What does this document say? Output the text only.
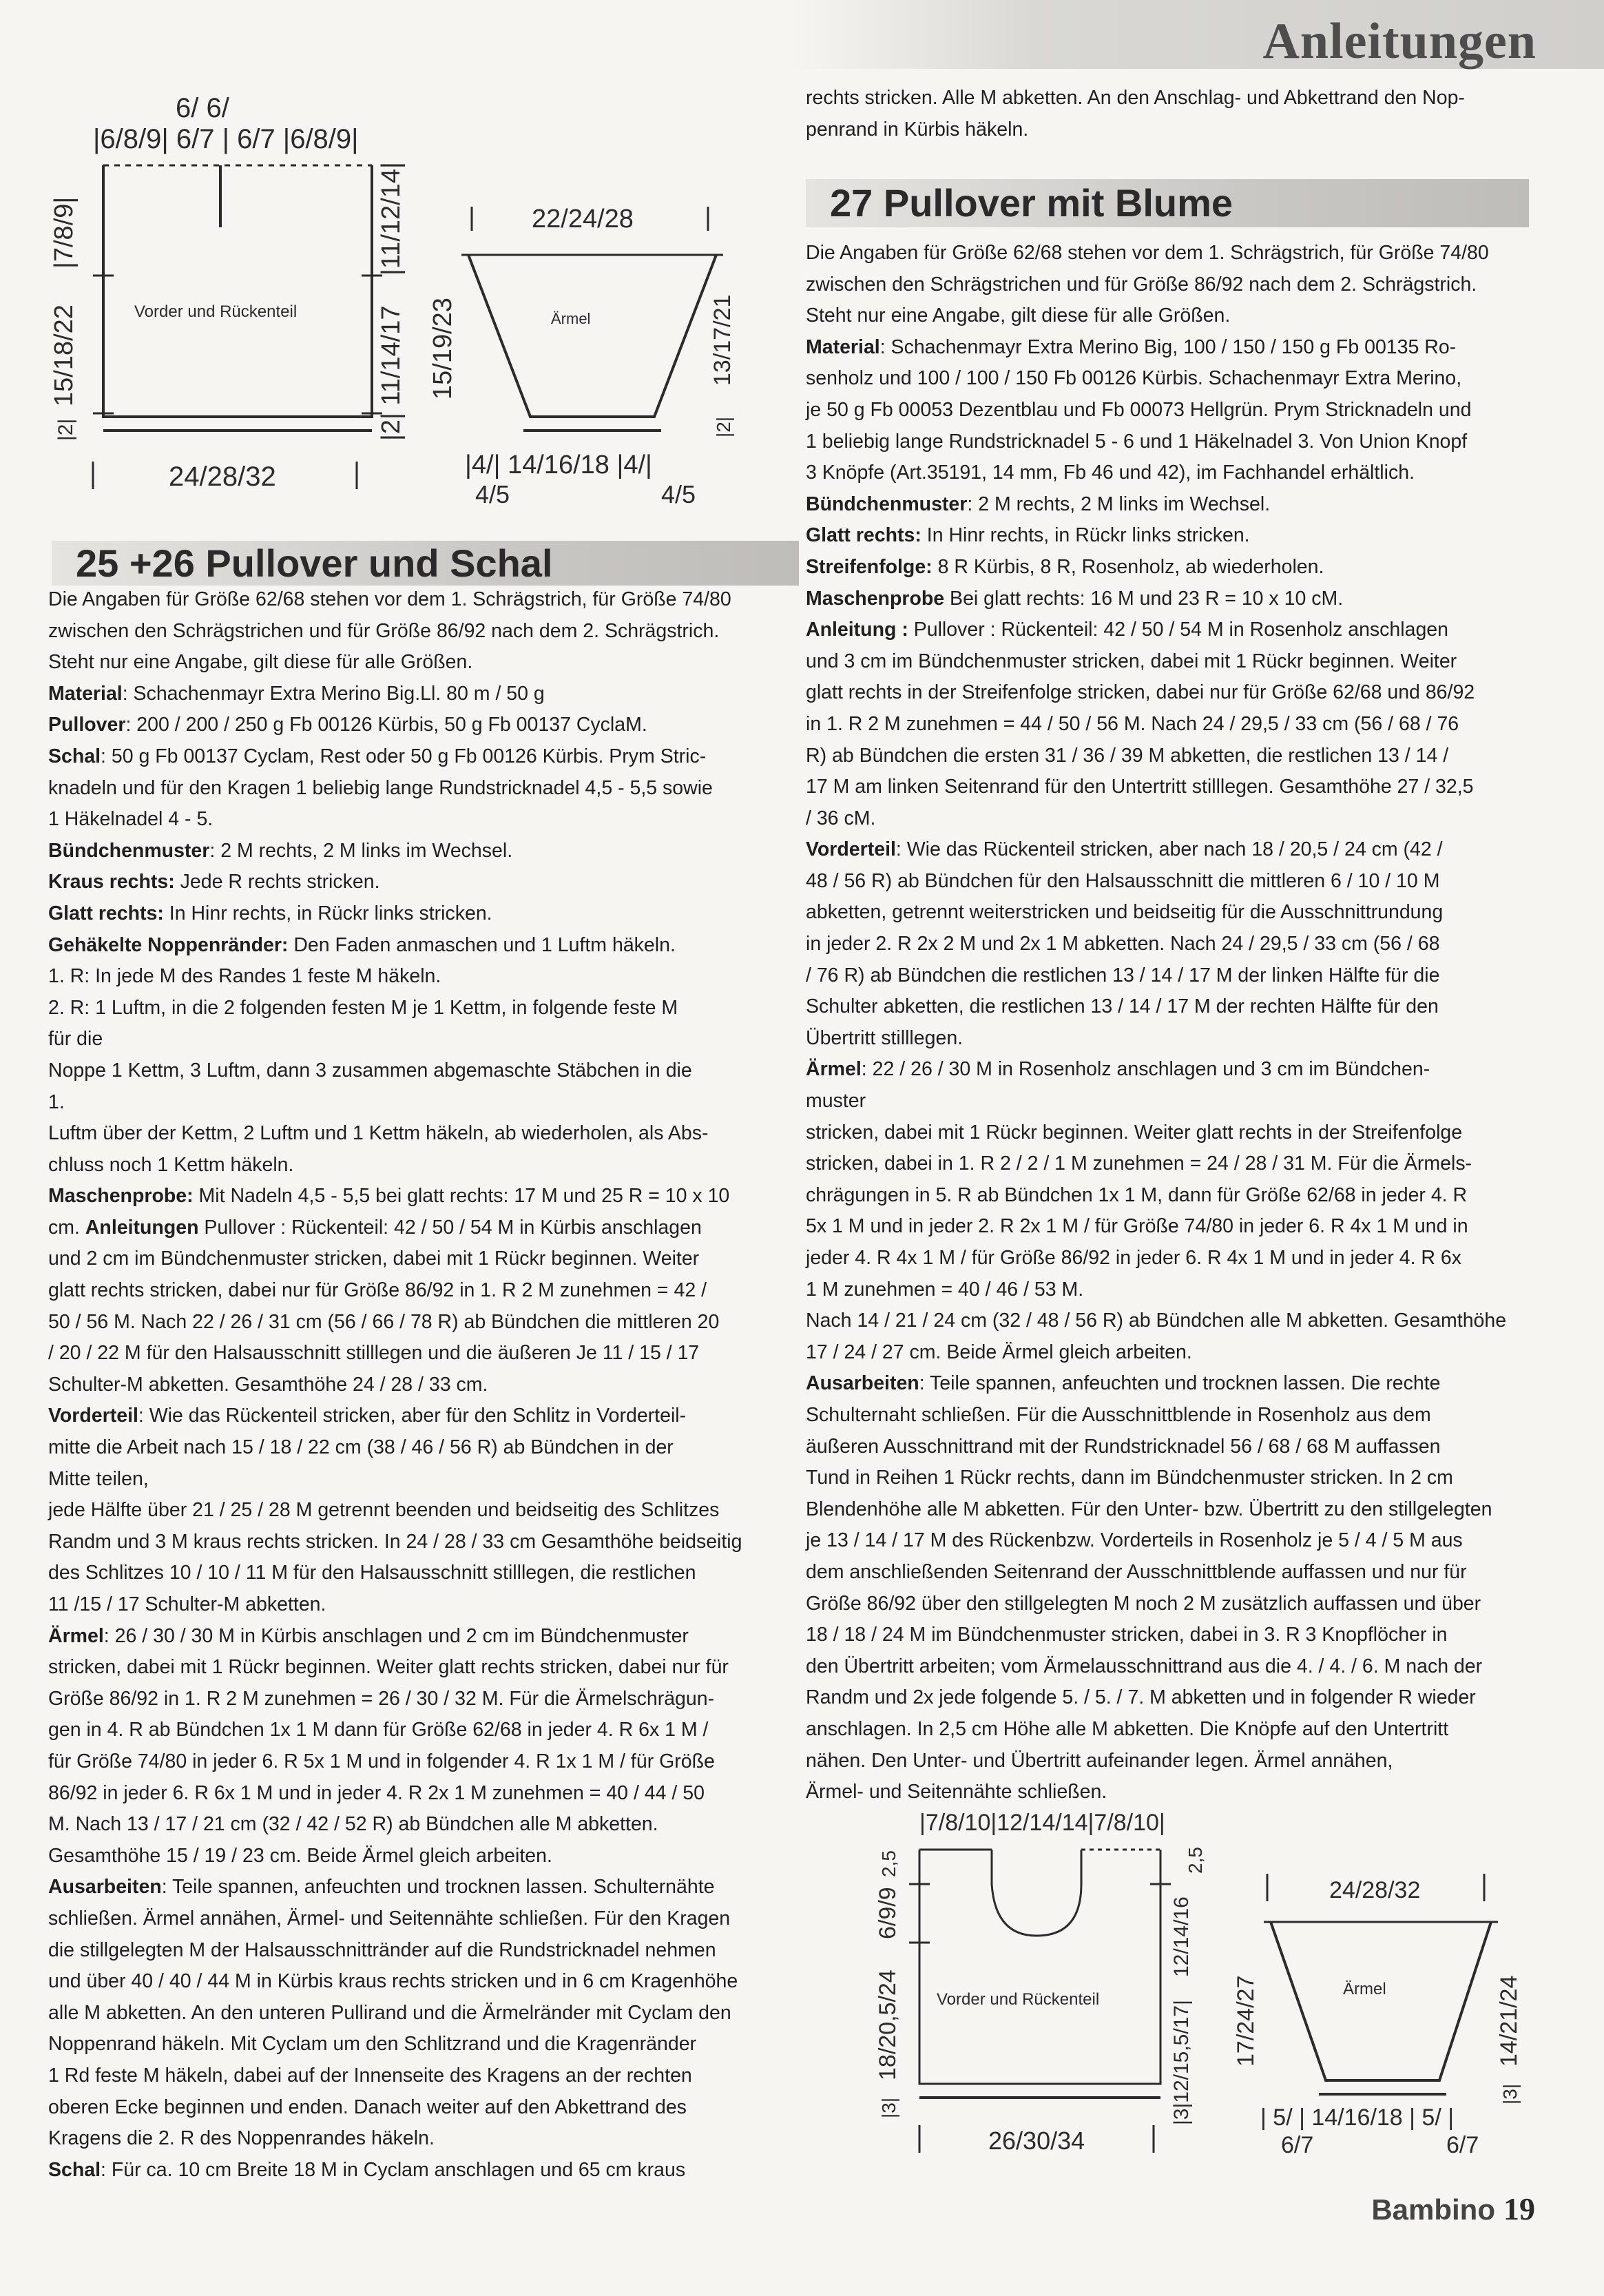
Anleitungen
6/ 6/
|6/8/9| 6/7 | 6/7 |6/8/9|
|7/8/9|
15/18/22
|2|
|11/12/14|
|2| 11/14/17
Vorder und Rückenteil
24/28/32
22/24/28
15/19/23	13/17/21
|2|
Ärmel
|4/| 14/16/18 |4/|
4/5	4/5
25 +26 Pullover und Schal

Die Angaben für Größe 62/68 stehen vor dem 1. Schrägstrich, für Größe 74/80

zwischen den Schrägstrichen und für Größe 86/92 nach dem 2. Schrägstrich.

Steht nur eine Angabe, gilt diese für alle Größen.

Material: Schachenmayr Extra Merino Big.Ll. 80 m / 50 g

Pullover: 200 / 200 / 250 g Fb 00126 Kürbis, 50 g Fb 00137 CyclaM.

Schal: 50 g Fb 00137 Cyclam, Rest oder 50 g Fb 00126 Kürbis. Prym Stric-

knadeln und für den Kragen 1 beliebig lange Rundstricknadel 4,5 - 5,5 sowie

1 Häkelnadel 4 - 5.

Bündchenmuster: 2 M rechts, 2 M links im Wechsel.

Kraus rechts: Jede R rechts stricken.

Glatt rechts: In Hinr rechts, in Rückr links stricken.

Gehäkelte Noppenränder: Den Faden anmaschen und 1 Luftm häkeln.

1. R: In jede M des Randes 1 feste M häkeln.

2. R: 1 Luftm, in die 2 folgenden festen M je 1 Kettm, in folgende feste M

für die

Noppe 1 Kettm, 3 Luftm, dann 3 zusammen abgemaschte Stäbchen in die

1.

Luftm über der Kettm, 2 Luftm und 1 Kettm häkeln, ab wiederholen, als Abs-

chluss noch 1 Kettm häkeln.

Maschenprobe: Mit Nadeln 4,5 - 5,5 bei glatt rechts: 17 M und 25 R = 10 x 10

cm. Anleitungen Pullover : Rückenteil: 42 / 50 / 54 M in Kürbis anschlagen

und 2 cm im Bündchenmuster stricken, dabei mit 1 Rückr beginnen. Weiter

glatt rechts stricken, dabei nur für Größe 86/92 in 1. R 2 M zunehmen = 42 /

50 / 56 M. Nach 22 / 26 / 31 cm (56 / 66 / 78 R) ab Bündchen die mittleren 20

/ 20 / 22 M für den Halsausschnitt stilllegen und die äußeren Je 11 / 15 / 17

Schulter-M abketten. Gesamthöhe 24 / 28 / 33 cm.

Vorderteil: Wie das Rückenteil stricken, aber für den Schlitz in Vorderteil-

mitte die Arbeit nach 15 / 18 / 22 cm (38 / 46 / 56 R) ab Bündchen in der

Mitte teilen,

jede Hälfte über 21 / 25 / 28 M getrennt beenden und beidseitig des Schlitzes

Randm und 3 M kraus rechts stricken. In 24 / 28 / 33 cm Gesamthöhe beidseitig

des Schlitzes 10 / 10 / 11 M für den Halsausschnitt stilllegen, die restlichen

11 /15 / 17 Schulter-M abketten.

Ärmel: 26 / 30 / 30 M in Kürbis anschlagen und 2 cm im Bündchenmuster

stricken, dabei mit 1 Rückr beginnen. Weiter glatt rechts stricken, dabei nur für

Größe 86/92 in 1. R 2 M zunehmen = 26 / 30 / 32 M. Für die Ärmelschrägun-

gen in 4. R ab Bündchen 1x 1 M dann für Größe 62/68 in jeder 4. R 6x 1 M /

für Größe 74/80 in jeder 6. R 5x 1 M und in folgender 4. R 1x 1 M / für Größe

86/92 in jeder 6. R 6x 1 M und in jeder 4. R 2x 1 M zunehmen = 40 / 44 / 50

M. Nach 13 / 17 / 21 cm (32 / 42 / 52 R) ab Bündchen alle M abketten.

Gesamthöhe 15 / 19 / 23 cm. Beide Ärmel gleich arbeiten.

Ausarbeiten: Teile spannen, anfeuchten und trocknen lassen. Schulternähte

schließen. Ärmel annähen, Ärmel- und Seitennähte schließen. Für den Kragen

die stillgelegten M der Halsausschnittränder auf die Rundstricknadel nehmen

und über 40 / 40 / 44 M in Kürbis kraus rechts stricken und in 6 cm Kragenhöhe

alle M abketten. An den unteren Pullirand und die Ärmelränder mit Cyclam den

Noppenrand häkeln. Mit Cyclam um den Schlitzrand und die Kragenränder

1 Rd feste M häkeln, dabei auf der Innenseite des Kragens an der rechten

oberen Ecke beginnen und enden. Danach weiter auf den Abkettrand des

Kragens die 2. R des Noppenrandes häkeln.

Schal: Für ca. 10 cm Breite 18 M in Cyclam anschlagen und 65 cm kraus

rechts stricken. Alle M abketten. An den Anschlag- und Abkettrand den Nop-

penrand in Kürbis häkeln.

27 Pullover mit Blume

Die Angaben für Größe 62/68 stehen vor dem 1. Schrägstrich, für Größe 74/80

zwischen den Schrägstrichen und für Größe 86/92 nach dem 2. Schrägstrich.

Steht nur eine Angabe, gilt diese für alle Größen.

Material: Schachenmayr Extra Merino Big, 100 / 150 / 150 g Fb 00135 Ro-

senholz und 100 / 100 / 150 Fb 00126 Kürbis. Schachenmayr Extra Merino,

je 50 g Fb 00053 Dezentblau und Fb 00073 Hellgrün. Prym Stricknadeln und

1 beliebig lange Rundstricknadel 5 - 6 und 1 Häkelnadel 3. Von Union Knopf

3 Knöpfe (Art.35191, 14 mm, Fb 46 und 42), im Fachhandel erhältlich.

Bündchenmuster: 2 M rechts, 2 M links im Wechsel.

Glatt rechts: In Hinr rechts, in Rückr links stricken.

Streifenfolge: 8 R Kürbis, 8 R, Rosenholz, ab wiederholen.

Maschenprobe Bei glatt rechts: 16 M und 23 R = 10 x 10 cM.

Anleitung : Pullover : Rückenteil: 42 / 50 / 54 M in Rosenholz anschlagen

und 3 cm im Bündchenmuster stricken, dabei mit 1 Rückr beginnen. Weiter

glatt rechts in der Streifenfolge stricken, dabei nur für Größe 62/68 und 86/92

in 1. R 2 M zunehmen = 44 / 50 / 56 M. Nach 24 / 29,5 / 33 cm (56 / 68 / 76

R) ab Bündchen die ersten 31 / 36 / 39 M abketten, die restlichen 13 / 14 /

17 M am linken Seitenrand für den Untertritt stilllegen. Gesamthöhe 27 / 32,5

/ 36 cM.

Vorderteil: Wie das Rückenteil stricken, aber nach 18 / 20,5 / 24 cm (42 /

48 / 56 R) ab Bündchen für den Halsausschnitt die mittleren 6 / 10 / 10 M

abketten, getrennt weiterstricken und beidseitig für die Ausschnittrundung

in jeder 2. R 2x 2 M und 2x 1 M abketten. Nach 24 / 29,5 / 33 cm (56 / 68

/ 76 R) ab Bündchen die restlichen 13 / 14 / 17 M der linken Hälfte für die

Schulter abketten, die restlichen 13 / 14 / 17 M der rechten Hälfte für den

Übertritt stilllegen.

Ärmel: 22 / 26 / 30 M in Rosenholz anschlagen und 3 cm im Bündchen-

muster

stricken, dabei mit 1 Rückr beginnen. Weiter glatt rechts in der Streifenfolge

stricken, dabei in 1. R 2 / 2 / 1 M zunehmen = 24 / 28 / 31 M. Für die Ärmels-

chrägungen in 5. R ab Bündchen 1x 1 M, dann für Größe 62/68 in jeder 4. R

5x 1 M und in jeder 2. R 2x 1 M / für Größe 74/80 in jeder 6. R 4x 1 M und in

jeder 4. R 4x 1 M / für Größe 86/92 in jeder 6. R 4x 1 M und in jeder 4. R 6x

1 M zunehmen = 40 / 46 / 53 M.

Nach 14 / 21 / 24 cm (32 / 48 / 56 R) ab Bündchen alle M abketten. Gesamthöhe

17 / 24 / 27 cm. Beide Ärmel gleich arbeiten.

Ausarbeiten: Teile spannen, anfeuchten und trocknen lassen. Die rechte

Schulternaht schließen. Für die Ausschnittblende in Rosenholz aus dem

äußeren Ausschnittrand mit der Rundstricknadel 56 / 68 / 68 M auffassen

Tund in Reihen 1 Rückr rechts, dann im Bündchenmuster stricken. In 2 cm

Blendenhöhe alle M abketten. Für den Unter- bzw. Übertritt zu den stillgelegten

je 13 / 14 / 17 M des Rückenbzw. Vorderteils in Rosenholz je 5 / 4 / 5 M aus

dem anschließenden Seitenrand der Ausschnittblende auffassen und nur für

Größe 86/92 über den stillgelegten M noch 2 M zusätzlich auffassen und über

18 / 18 / 24 M im Bündchenmuster stricken, dabei in 3. R 3 Knopflöcher in

den Übertritt arbeiten; vom Ärmelausschnittrand aus die 4. / 4. / 6. M nach der

Randm und 2x jede folgende 5. / 5. / 7. M abketten und in folgender R wieder

anschlagen. In 2,5 cm Höhe alle M abketten. Die Knöpfe auf den Untertritt

nähen. Den Unter- und Übertritt aufeinander legen. Ärmel annähen,

Ärmel- und Seitennähte schließen.

|7/8/10|12/14/14|7/8/10|
2,5
6/9/9
18/20,5/24
|3|
2,5
12/14/16
|3|12/15,5/17|
Vorder und Rückenteil
26/30/34
24/28/32
17/24/27	14/21/24
|3|
Ärmel
| 5/ | 14/16/18 | 5/ |
6/7	6/7
Bambino 19
